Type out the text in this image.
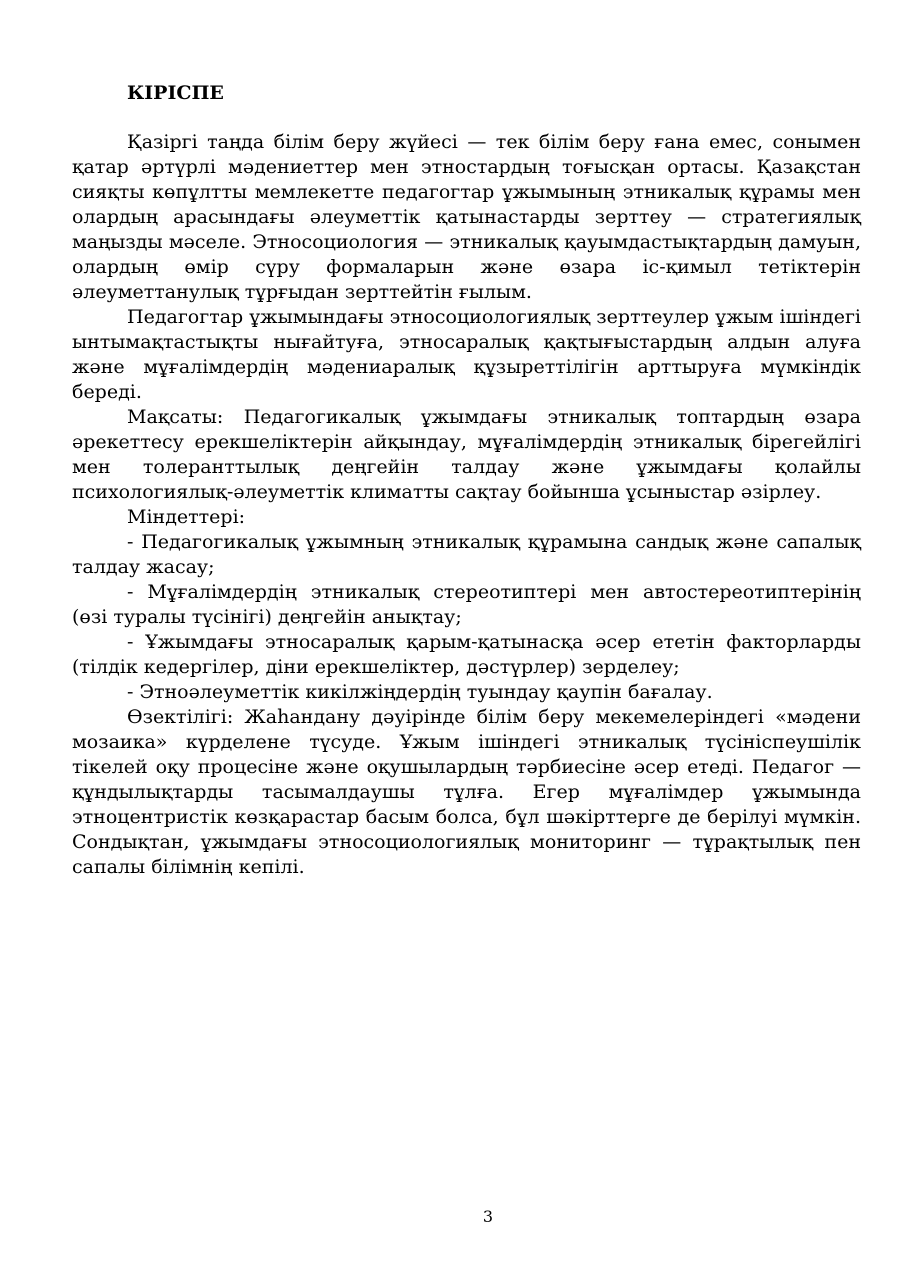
КІРІСПЕ

Қазіргі таңда білім беру жүйесі — тек білім беру ғана емес, сонымен қатар әртүрлі мәдениеттер мен этностардың тоғысқан ортасы. Қазақстан сияқты көпұлтты мемлекетте педагогтар ұжымының этникалық құрамы мен олардың арасындағы әлеуметтік қатынастарды зерттеу — стратегиялық маңызды мәселе. Этносоциология — этникалық қауымдастықтардың дамуын, олардың өмір сүру формаларын және өзара іс-қимыл тетіктерін әлеуметтанулық тұрғыдан зерттейтін ғылым.

Педагогтар ұжымындағы этносоциологиялық зерттеулер ұжым ішіндегі ынтымақтастықты нығайтуға, этносаралық қақтығыстардың алдын алуға және мұғалімдердің мәдениаралық құзыреттілігін арттыруға мүмкіндік береді.

Мақсаты: Педагогикалық ұжымдағы этникалық топтардың өзара әрекеттесу ерекшеліктерін айқындау, мұғалімдердің этникалық бірегейлігі мен толеранттылық деңгейін талдау және ұжымдағы қолайлы психологиялық-әлеуметтік климатты сақтау бойынша ұсыныстар әзірлеу.

Міндеттері:

- Педагогикалық ұжымның этникалық құрамына сандық және сапалық талдау жасау;

- Мұғалімдердің этникалық стереотиптері мен автостереотиптерінің (өзі туралы түсінігі) деңгейін анықтау;

- Ұжымдағы этносаралық қарым-қатынасқа әсер ететін факторларды (тілдік кедергілер, діни ерекшеліктер, дәстүрлер) зерделеу;

- Этноәлеуметтік кикілжіңдердің туындау қаупін бағалау.

Өзектілігі: Жаһандану дәуірінде білім беру мекемелеріндегі «мәдени мозаика» күрделене түсуде. Ұжым ішіндегі этникалық түсініспеушілік тікелей оқу процесіне және оқушылардың тәрбиесіне әсер етеді. Педагог — құндылықтарды тасымалдаушы тұлға. Егер мұғалімдер ұжымында этноцентристік көзқарастар басым болса, бұл шәкірттерге де берілуі мүмкін. Сондықтан, ұжымдағы этносоциологиялық мониторинг — тұрақтылық пен сапалы білімнің кепілі.

3
